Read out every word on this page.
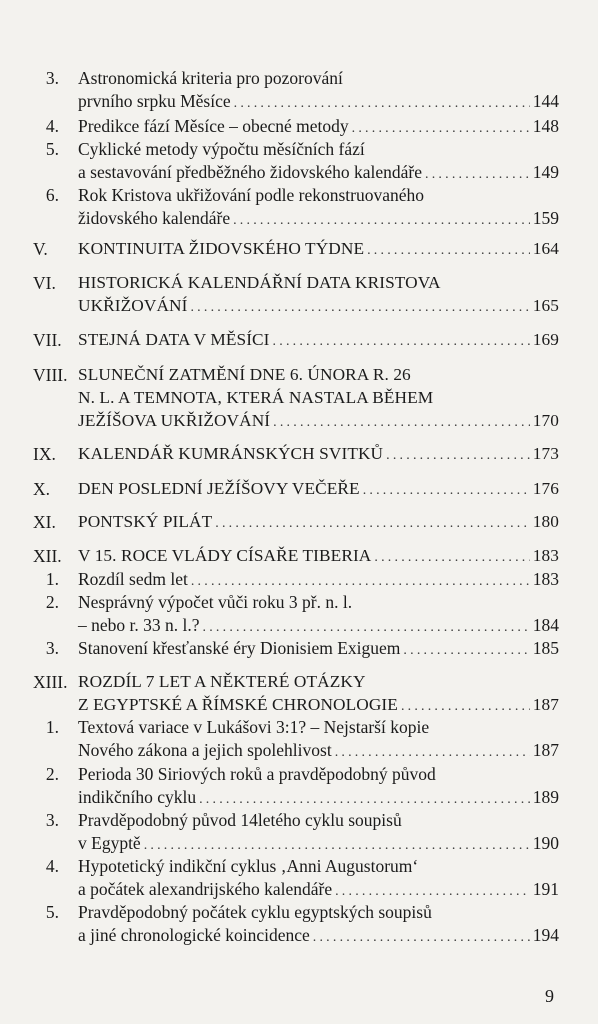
3. Astronomická kriteria pro pozorování
prvního srpku Měsíce .....	144
4. Predikce fází Měsíce – obecné metody .....	148
5. Cyklické metody výpočtu měsíčních fází
a sestavování předběžného židovského kalendáře .....	149
6. Rok Kristova ukřižování podle rekonstruovaného
židovského kalendáře .....	159
V. KONTINUITA ŽIDOVSKÉHO TÝDNE .....	164
VI. HISTORICKÁ KALENDÁŘNÍ DATA KRISTOVA
UKŘIŽOVÁNÍ .....	165
VII. STEJNÁ DATA V MĚSÍCI .....	169
VIII. SLUNEČNÍ ZATMĚNÍ DNE 6. ÚNORA R. 26
N. L. A TEMNOTA, KTERÁ NASTALA BĚHEM
JEŽÍŠOVA UKŘIŽOVÁNÍ .....	170
IX. KALENDÁŘ KUMRÁNSKÝCH SVITKŮ .....	173
X. DEN POSLEDNÍ JEŽÍŠOVY VEČEŘE .....	176
XI. PONTSKÝ PILÁT .....	180
XII. V 15. ROCE VLÁDY CÍSAŘE TIBERIA .....	183
1. Rozdíl sedm let .....	183
2. Nesprávný výpočet vůči roku 3 př. n. l.
– nebo r. 33 n. l.? .....	184
3. Stanovení křesťanské éry Dionisiem Exiguem .....	185
XIII. ROZDÍL 7 LET A NĚKTERÉ OTÁZKY
Z EGYPTSKÉ A ŘÍMSKÉ CHRONOLOGIE .....	187
1. Textová variace v Lukášovi 3:1? – Nejstarší kopie
Nového zákona a jejich spolehlivost .....	187
2. Perioda 30 Siriových roků a pravděpodobný původ
indikčního cyklu .....	189
3. Pravděpodobný původ 14letého cyklu soupisů
v Egyptě .....	190
4. Hypotetický indikční cyklus ‚Anni Augustorum‘
a počátek alexandrijského kalendáře .....	191
5. Pravděpodobný počátek cyklu egyptských soupisů
a jiné chronologické koincidence .....	194
9
